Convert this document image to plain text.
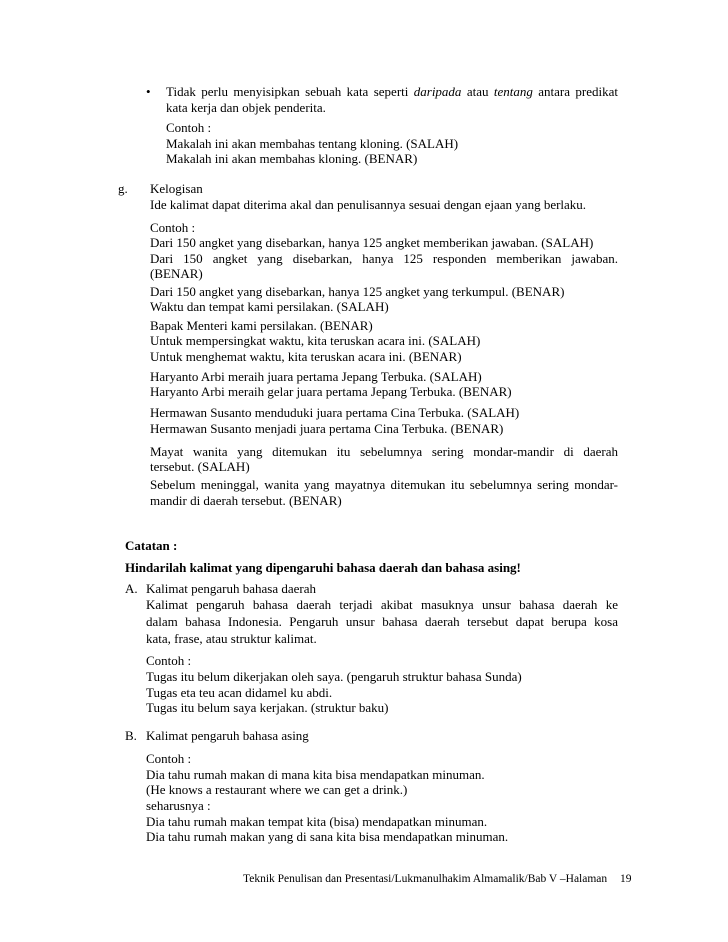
• Tidak perlu menyisipkan sebuah kata seperti daripada atau tentang antara predikat
kata kerja dan objek penderita.
Contoh :
Makalah ini akan membahas tentang kloning. (SALAH)
Makalah ini akan membahas kloning. (BENAR)
g. Kelogisan
Ide kalimat dapat diterima akal dan penulisannya sesuai dengan ejaan yang berlaku.
Contoh :
Dari 150 angket yang disebarkan, hanya 125 angket memberikan jawaban. (SALAH)
Dari 150 angket yang disebarkan, hanya 125 responden memberikan jawaban.
(BENAR)
Dari 150 angket yang disebarkan, hanya 125 angket yang terkumpul. (BENAR)
Waktu dan tempat kami persilakan. (SALAH)
Bapak Menteri kami persilakan. (BENAR)
Untuk mempersingkat waktu, kita teruskan acara ini. (SALAH)
Untuk menghemat waktu, kita teruskan acara ini. (BENAR)
Haryanto Arbi meraih juara pertama Jepang Terbuka. (SALAH)
Haryanto Arbi meraih gelar juara pertama Jepang Terbuka. (BENAR)
Hermawan Susanto menduduki juara pertama Cina Terbuka. (SALAH)
Hermawan Susanto menjadi juara pertama Cina Terbuka. (BENAR)
Mayat wanita yang ditemukan itu sebelumnya sering mondar-mandir di daerah
tersebut. (SALAH)
Sebelum meninggal, wanita yang mayatnya ditemukan itu sebelumnya sering mondar-
mandir di daerah tersebut. (BENAR)
Catatan :
Hindarilah kalimat yang dipengaruhi bahasa daerah dan bahasa asing!
A. Kalimat pengaruh bahasa daerah
Kalimat pengaruh bahasa daerah terjadi akibat masuknya unsur bahasa daerah ke
dalam bahasa Indonesia. Pengaruh unsur bahasa daerah tersebut dapat berupa kosa
kata, frase, atau struktur kalimat.
Contoh :
Tugas itu belum dikerjakan oleh saya. (pengaruh struktur bahasa Sunda)
Tugas eta teu acan didamel ku abdi.
Tugas itu belum saya kerjakan. (struktur baku)
B. Kalimat pengaruh bahasa asing
Contoh :
Dia tahu rumah makan di mana kita bisa mendapatkan minuman.
(He knows a restaurant where we can get a drink.)
seharusnya :
Dia tahu rumah makan tempat kita (bisa) mendapatkan minuman.
Dia tahu rumah makan yang di sana kita bisa mendapatkan minuman.
Teknik Penulisan dan Presentasi/Lukmanulhakim Almamalik/Bab V –Halaman 19
